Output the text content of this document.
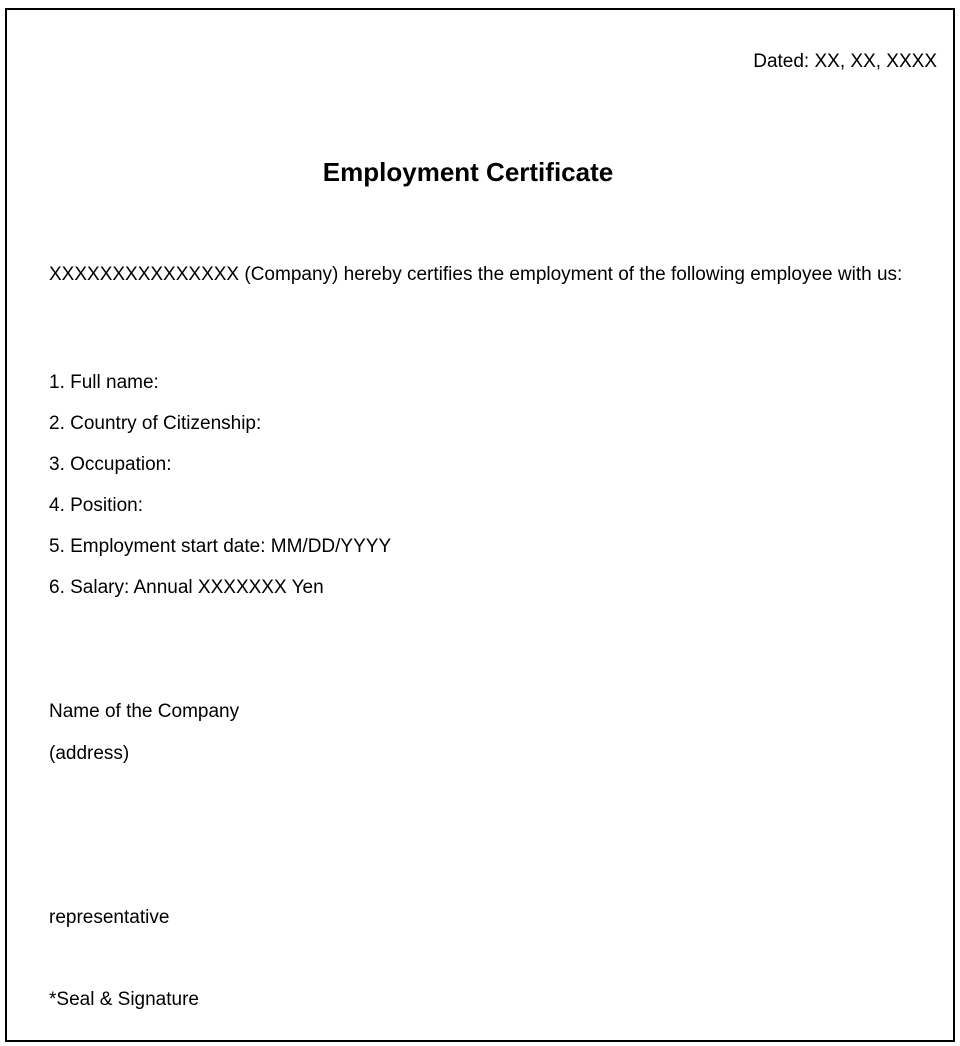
Dated: XX, XX, XXXX
Employment Certificate
XXXXXXXXXXXXXXX (Company) hereby certifies the employment of the following employee with us:
1. Full name:
2. Country of Citizenship:
3. Occupation:
4. Position:
5. Employment start date: MM/DD/YYYY
6. Salary: Annual XXXXXXX Yen
Name of the Company
(address)
representative
*Seal & Signature
